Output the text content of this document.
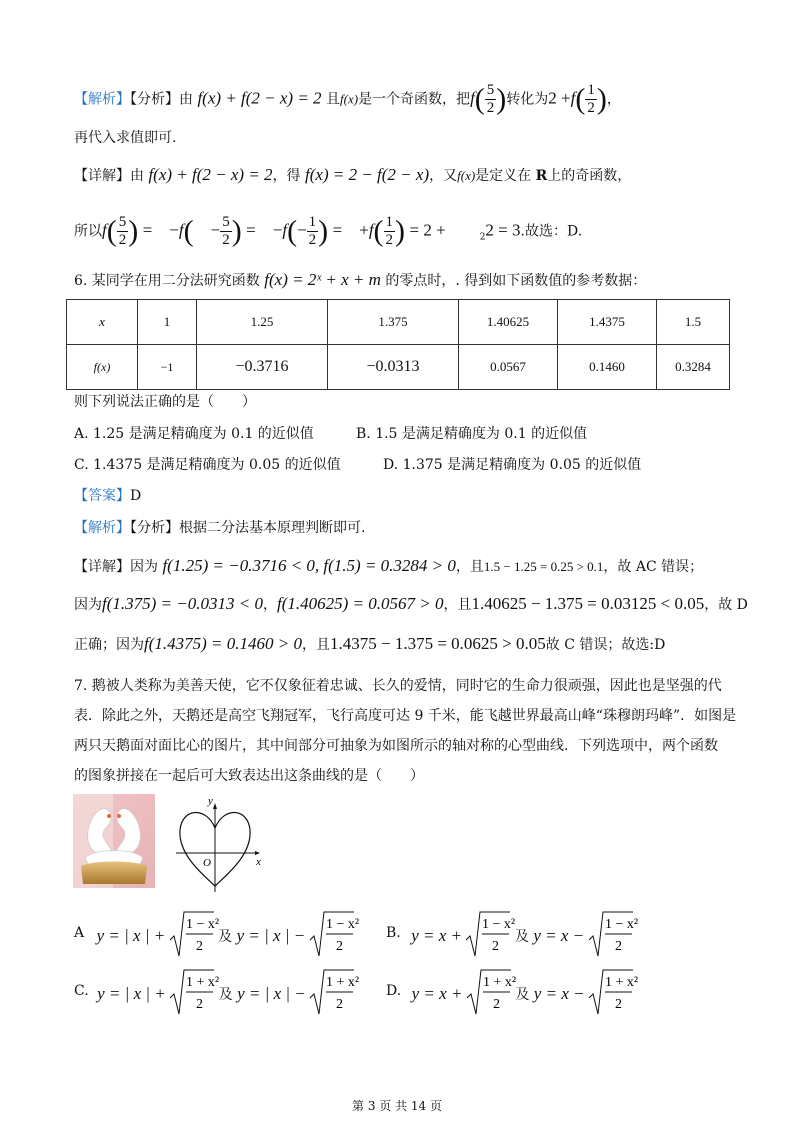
【解析】【分析】由 f(x) + f(2 − x) = 2 且f(x)是一个奇函数，把$f( \frac{5}{2}$ )转化为$2 +f( \frac{1}{2}$ )，
再代入求值即可.
【详解】由 f(x) + f(2 − x) = 2，得 f(x) = 2 − f(2 − x)，又f(x)是定义在 R上的奇函数，
所以$f( \frac{5}{2}$ ) =　−f(　− $\frac{5}{2}$ ) =　$-f(- \frac{1}{2}$ ) =　$+f( \frac{1}{2}$ ) = 2 +　　$_2$2 = 3.故选：D.
6. 某同学在用二分法研究函数 f(x) = 2ˣ + x + m 的零点时，. 得到如下函数值的参考数据：
x	1	1.25	1.375	1.40625	1.4375	1.5
f(x)	−1	−0.3716	−0.0313	0.0567	0.1460	0.3284
则下列说法正确的是（　　）
A. 1.25 是满足精确度为 0.1 的近似值	B. 1.5 是满足精确度为 0.1 的近似值
C. 1.4375 是满足精确度为 0.05 的近似值	D. 1.375 是满足精确度为 0.05 的近似值
【答案】D
【解析】【分析】根据二分法基本原理判断即可.
【详解】因为 f(1.25) = −0.3716 < 0, f(1.5) = 0.3284 > 0，且1.5 − 1.25 = 0.25 > 0.1，故 AC 错误；
因为f(1.375) = −0.0313 < 0，f(1.40625) = 0.0567 > 0，且1.40625 − 1.375 = 0.03125 < 0.05，故 D
正确；因为f(1.4375) = 0.1460 > 0，且1.4375 − 1.375 = 0.0625 > 0.05故 C 错误；故选:D
7. 鹅被人类称为美善天使，它不仅象征着忠诚、长久的爱情，同时它的生命力很顽强，因此也是坚强的代
表．除此之外，天鹅还是高空飞翔冠军，飞行高度可达 9 千米，能飞越世界最高山峰“珠穆朗玛峰”．如图是
两只天鹅面对面比心的图片，其中间部分可抽象为如图所示的轴对称的心型曲线．下列选项中，两个函数
的图象拼接在一起后可大致表达出这条曲线的是（　　）
y
x
O
A y = | x | +
1 − x²
2
及 y = | x | −
1 − x²
2
B. y = x +
1 − x²
2
及 y = x −
1 − x²
2
C. y = | x | +
1 + x²
2
及 y = | x | −
1 + x²
2
D. y = x +
1 + x²
2
及 y = x −
1 + x²
2
第 3 页 共 14 页
